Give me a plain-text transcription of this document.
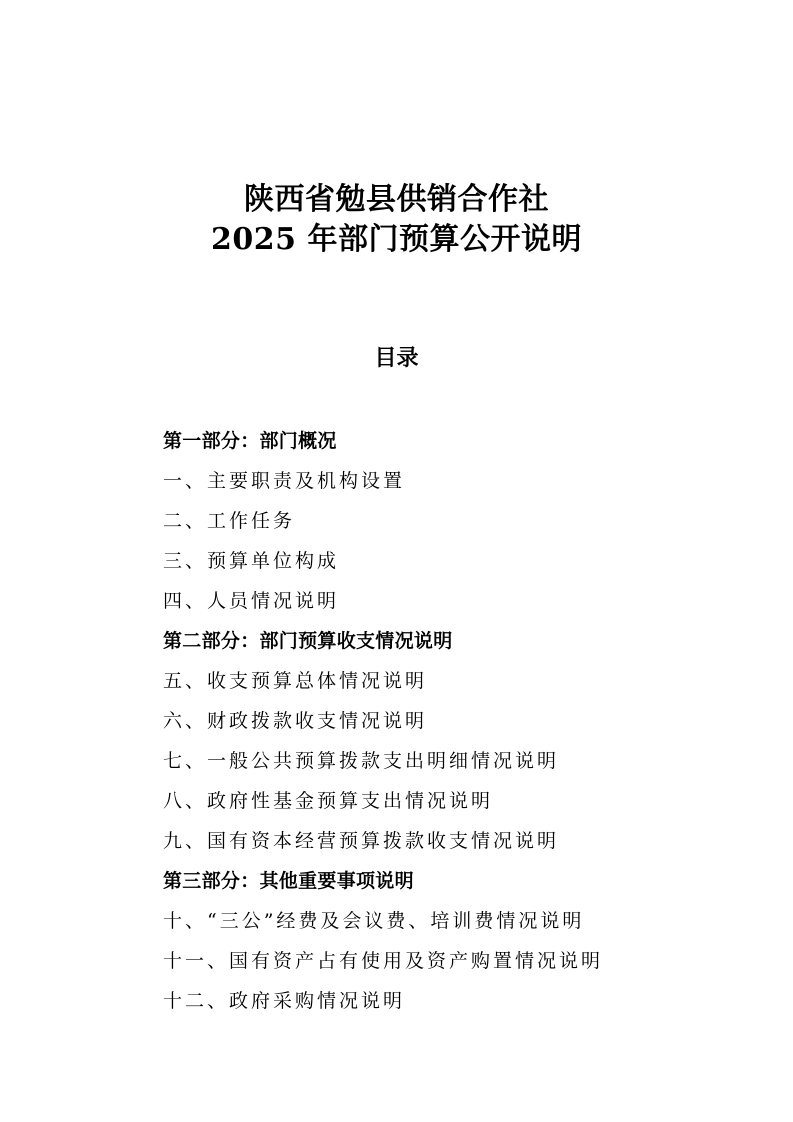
陕西省勉县供销合作社
2025 年部门预算公开说明
目录
第一部分：部门概况
一、主要职责及机构设置
二、工作任务
三、预算单位构成
四、人员情况说明
第二部分：部门预算收支情况说明
五、收支预算总体情况说明
六、财政拨款收支情况说明
七、一般公共预算拨款支出明细情况说明
八、政府性基金预算支出情况说明
九、国有资本经营预算拨款收支情况说明
第三部分：其他重要事项说明
十、“三公”经费及会议费、培训费情况说明
十一、国有资产占有使用及资产购置情况说明
十二、政府采购情况说明
